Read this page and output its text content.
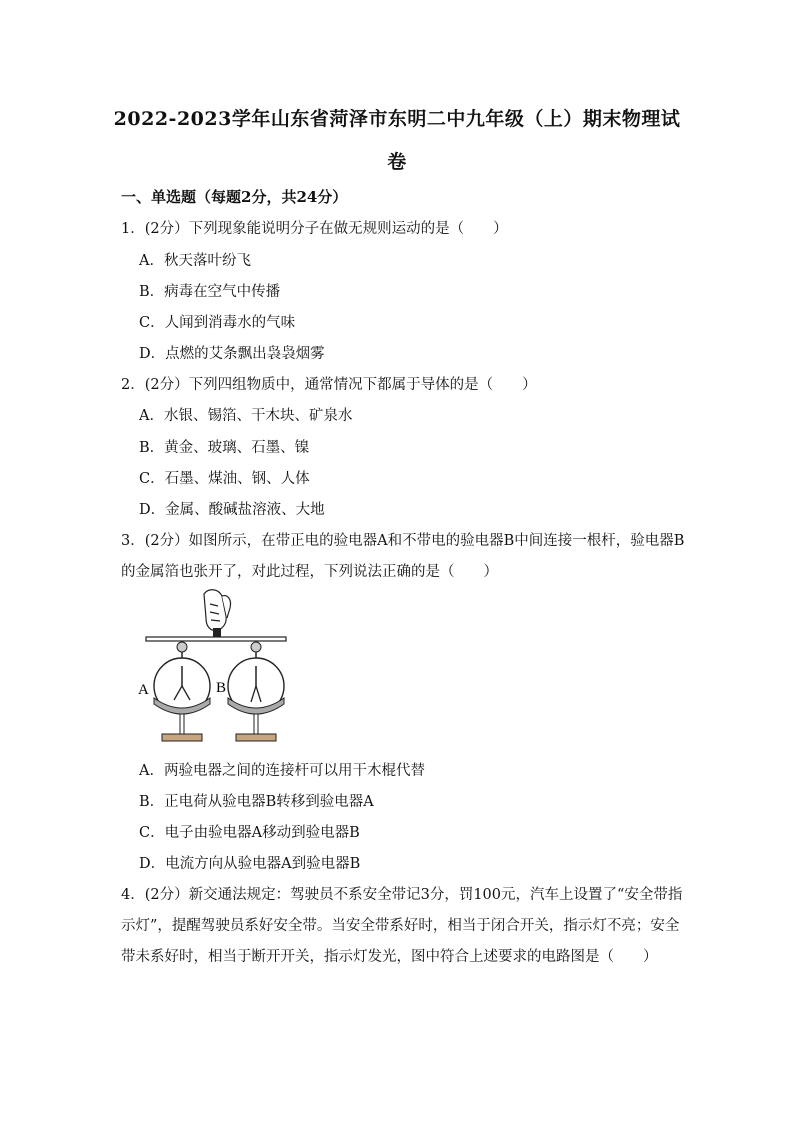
2022-2023学年山东省菏泽市东明二中九年级（上）期末物理试
卷
一、单选题（每题2分，共24分）
1．(2分）下列现象能说明分子在做无规则运动的是（　　）
A．秋天落叶纷飞
B．病毒在空气中传播
C．人闻到消毒水的气味
D．点燃的艾条飘出袅袅烟雾
2．(2分）下列四组物质中，通常情况下都属于导体的是（　　）
A．水银、锡箔、干木块、矿泉水
B．黄金、玻璃、石墨、镍
C．石墨、煤油、钢、人体
D．金属、酸碱盐溶液、大地
3．(2分）如图所示，在带正电的验电器A和不带电的验电器B中间连接一根杆，验电器B
的金属箔也张开了，对此过程，下列说法正确的是（　　）
A	B
A．两验电器之间的连接杆可以用干木棍代替
B．正电荷从验电器B转移到验电器A
C．电子由验电器A移动到验电器B
D．电流方向从验电器A到验电器B
4．(2分）新交通法规定：驾驶员不系安全带记3分，罚100元，汽车上设置了“安全带指
示灯”，提醒驾驶员系好安全带。当安全带系好时，相当于闭合开关，指示灯不亮；安全
带未系好时，相当于断开开关，指示灯发光，图中符合上述要求的电路图是（　　）
